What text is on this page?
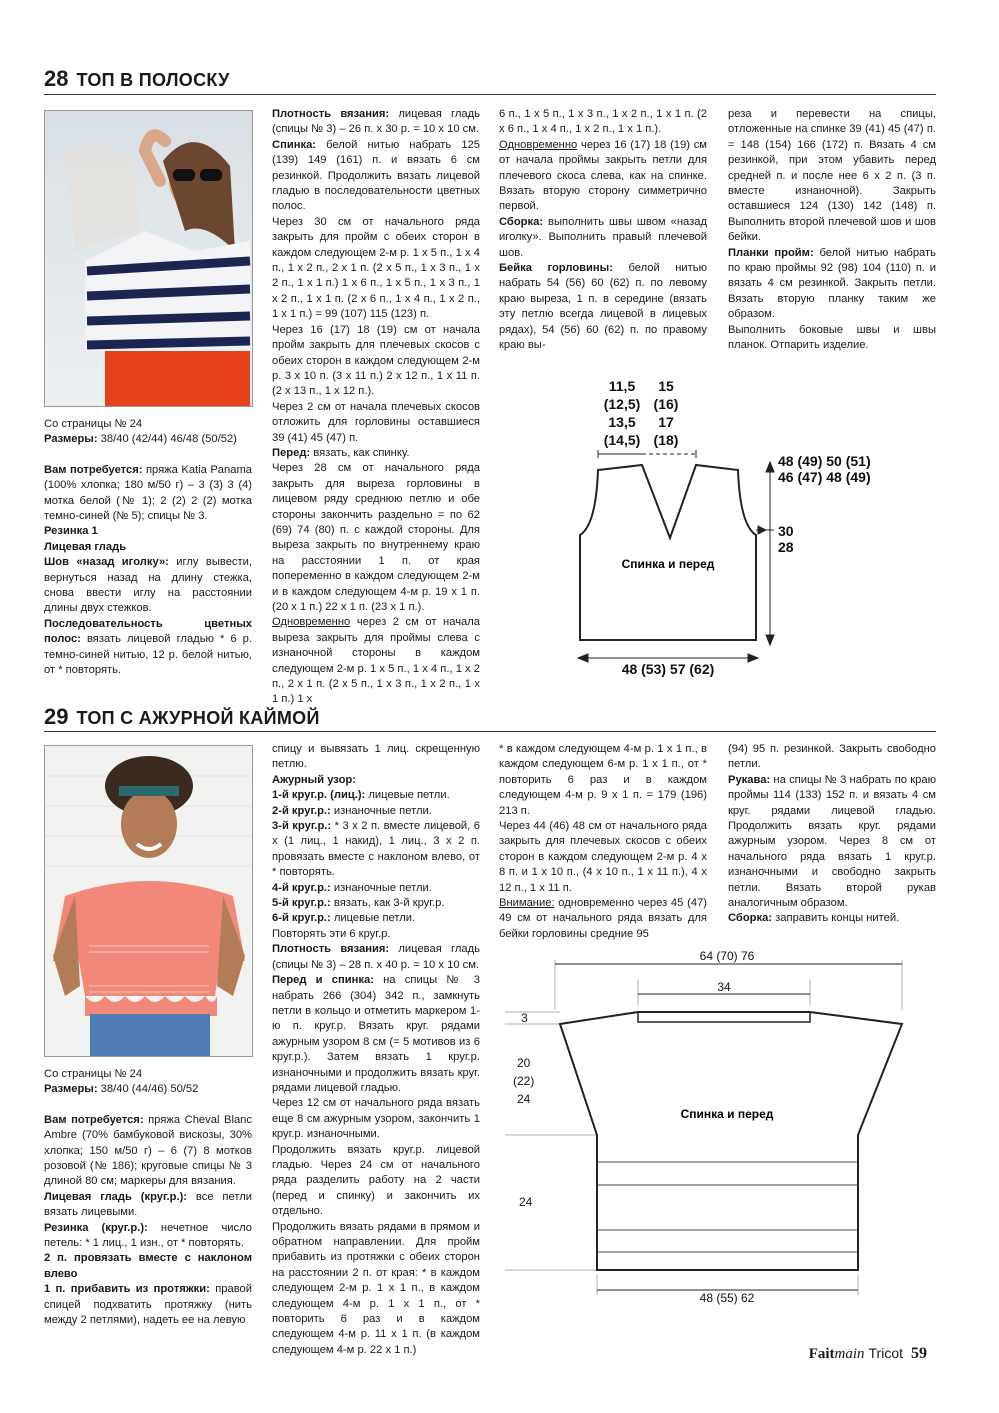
28 ТОП В ПОЛОСКУ

Со страницы № 24

Размеры: 38/40 (42/44) 46/48 (50/52)

Вам потребуется: пряжа Katia Panama (100% хлопка; 180 м/50 г) – 3 (3) 3 (4) мотка белой (№ 1); 2 (2) 2 (2) мотка темно-синей (№ 5); спицы № 3.

Резинка 1

Лицевая гладь

Шов «назад иголку»: иглу вывести, вернуться назад на длину стежка, снова ввести иглу на расстоянии длины двух стежков.

Последовательность цветных полос: вязать лицевой гладью * 6 р. темно-синей нитью, 12 р. белой нитью, от * повторять.

Плотность вязания: лицевая гладь (спицы № 3) – 26 п. х 30 р. = 10 х 10 см.

Спинка: белой нитью набрать 125 (139) 149 (161) п. и вязать 6 см резинкой. Продолжить вязать лицевой гладью в последовательности цветных полос.

Через 30 см от начального ряда закрыть для пройм с обеих сторон в каждом следующем 2-м р. 1 х 5 п., 1 х 4 п., 1 х 2 п., 2 х 1 п. (2 х 5 п., 1 х 3 п., 1 х 2 п., 1 х 1 п.) 1 х 6 п., 1 х 5 п., 1 х 3 п., 1 х 2 п., 1 х 1 п. (2 х 6 п., 1 х 4 п., 1 х 2 п., 1 х 1 п.) = 99 (107) 115 (123) п.

Через 16 (17) 18 (19) см от начала пройм закрыть для плечевых скосов с обеих сторон в каждом следующем 2-м р. 3 х 10 п. (3 х 11 п.) 2 х 12 п., 1 х 11 п. (2 х 13 п., 1 х 12 п.).

Через 2 см от начала плечевых скосов отложить для горловины оставшиеся 39 (41) 45 (47) п.

Перед: вязать, как спинку.

Через 28 см от начального ряда закрыть для выреза горловины в лицевом ряду среднюю петлю и обе стороны закончить раздельно = по 62 (69) 74 (80) п. с каждой стороны. Для выреза закрыть по внутреннему краю на расстоянии 1 п. от края попеременно в каждом следующем 2-м и в каждом следующем 4-м р. 19 х 1 п. (20 х 1 п.) 22 х 1 п. (23 х 1 п.).

Одновременно через 2 см от начала выреза закрыть для проймы слева с изнаночной стороны в каждом следующем 2-м р. 1 х 5 п., 1 х 4 п., 1 х 2 п., 2 х 1 п. (2 х 5 п., 1 х 3 п., 1 х 2 п., 1 х 1 п.) 1 х

6 п., 1 х 5 п., 1 х 3 п., 1 х 2 п., 1 х 1 п. (2 х 6 п., 1 х 4 п., 1 х 2 п., 1 х 1 п.).

Одновременно через 16 (17) 18 (19) см от начала проймы закрыть петли для плечевого скоса слева, как на спинке. Вязать вторую сторону симметрично первой.

Сборка: выполнить швы швом «назад иголку». Выполнить правый плечевой шов.

Бейка горловины: белой нитью набрать 54 (56) 60 (62) п. по левому краю выреза, 1 п. в середине (вязать эту петлю всегда лицевой в лицевых рядах), 54 (56) 60 (62) п. по правому краю вы-

реза и перевести на спицы, отложенные на спинке 39 (41) 45 (47) п. = 148 (154) 166 (172) п. Вязать 4 см резинкой, при этом убавить перед средней п. и после нее 6 х 2 п. (3 п. вместе изнаночной). Закрыть оставшиеся 124 (130) 142 (148) п. Выполнить второй плечевой шов и шов бейки.

Планки пройм: белой нитью набрать по краю проймы 92 (98) 104 (110) п. и вязать 4 см резинкой. Закрыть петли. Вязать вторую планку таким же образом.

Выполнить боковые швы и швы планок. Отпарить изделие.

11,5
(12,5)
13,5
(14,5)
15
(16)
17
(18)
Спинка и перед
48 (49) 50 (51)
46 (47) 48 (49)
30
28
48 (53) 57 (62)
29 ТОП С АЖУРНОЙ КАЙМОЙ

Со страницы № 24

Размеры: 38/40 (44/46) 50/52

Вам потребуется: пряжа Cheval Blanc Ambre (70% бамбуковой вискозы, 30% хлопка; 150 м/50 г) – 6 (7) 8 мотков розовой (№ 186); круговые спицы № 3 длиной 80 см; маркеры для вязания.

Лицевая гладь (круг.р.): все петли вязать лицевыми.

Резинка (круг.р.): нечетное число петель: * 1 лиц., 1 изн., от * повторять.

2 п. провязать вместе с наклоном влево

1 п. прибавить из протяжки: правой спицей подхватить протяжку (нить между 2 петлями), надеть ее на левую

спицу и вывязать 1 лиц. скрещенную петлю.

Ажурный узор:

1-й круг.р. (лиц.): лицевые петли.

2-й круг.р.: изнаночные петли.

3-й круг.р.: * 3 х 2 п. вместе лицевой, 6 х (1 лиц., 1 накид), 1 лиц., 3 х 2 п. провязать вместе с наклоном влево, от * повторять.

4-й круг.р.: изнаночные петли.

5-й круг.р.: вязать, как 3-й круг.р.

6-й круг.р.: лицевые петли.

Повторять эти 6 круг.р.

Плотность вязания: лицевая гладь (спицы № 3) – 28 п. х 40 р. = 10 х 10 см.

Перед и спинка: на спицы № 3 набрать 266 (304) 342 п., замкнуть петли в кольцо и отметить маркером 1-ю п. круг.р. Вязать круг. рядами ажурным узором 8 см (= 5 мотивов из 6 круг.р.). Затем вязать 1 круг.р. изнаночными и продолжить вязать круг. рядами лицевой гладью.

Через 12 см от начального ряда вязать еще 8 см ажурным узором, закончить 1 круг.р. изнаночными.

Продолжить вязать круг.р. лицевой гладью. Через 24 см от начального ряда разделить работу на 2 части (перед и спинку) и закончить их отдельно.

Продолжить вязать рядами в прямом и обратном направлении. Для пройм прибавить из протяжки с обеих сторон на расстоянии 2 п. от края: * в каждом следующем 2-м р. 1 х 1 п., в каждом следующем 4-м р. 1 х 1 п., от * повторить 6 раз и в каждом следующем 4-м р. 11 х 1 п. (в каждом следующем 4-м р. 22 х 1 п.)

* в каждом следующем 4-м р. 1 х 1 п., в каждом следующем 6-м р. 1 х 1 п., от * повторить 6 раз и в каждом следующем 4-м р. 9 х 1 п. = 179 (196) 213 п.

Через 44 (46) 48 см от начального ряда закрыть для плечевых скосов с обеих сторон в каждом следующем 2-м р. 4 х 8 п. и 1 х 10 п., (4 х 10 п., 1 х 11 п.), 4 х 12 п., 1 х 11 п.

Внимание: одновременно через 45 (47) 49 см от начального ряда вязать для бейки горловины средние 95

(94) 95 п. резинкой. Закрыть свободно петли.

Рукава: на спицы № 3 набрать по краю проймы 114 (133) 152 п. и вязать 4 см круг. рядами лицевой гладью. Продолжить вязать круг. рядами ажурным узором. Через 8 см от начального ряда вязать 1 круг.р. изнаночными и свободно закрыть петли. Вязать второй рукав аналогичным образом.

Сборка: заправить концы нитей.

64 (70) 76
34
3
20
(22)
24
24
48 (55) 62
Спинка и перед
Faitmain Tricot 59
